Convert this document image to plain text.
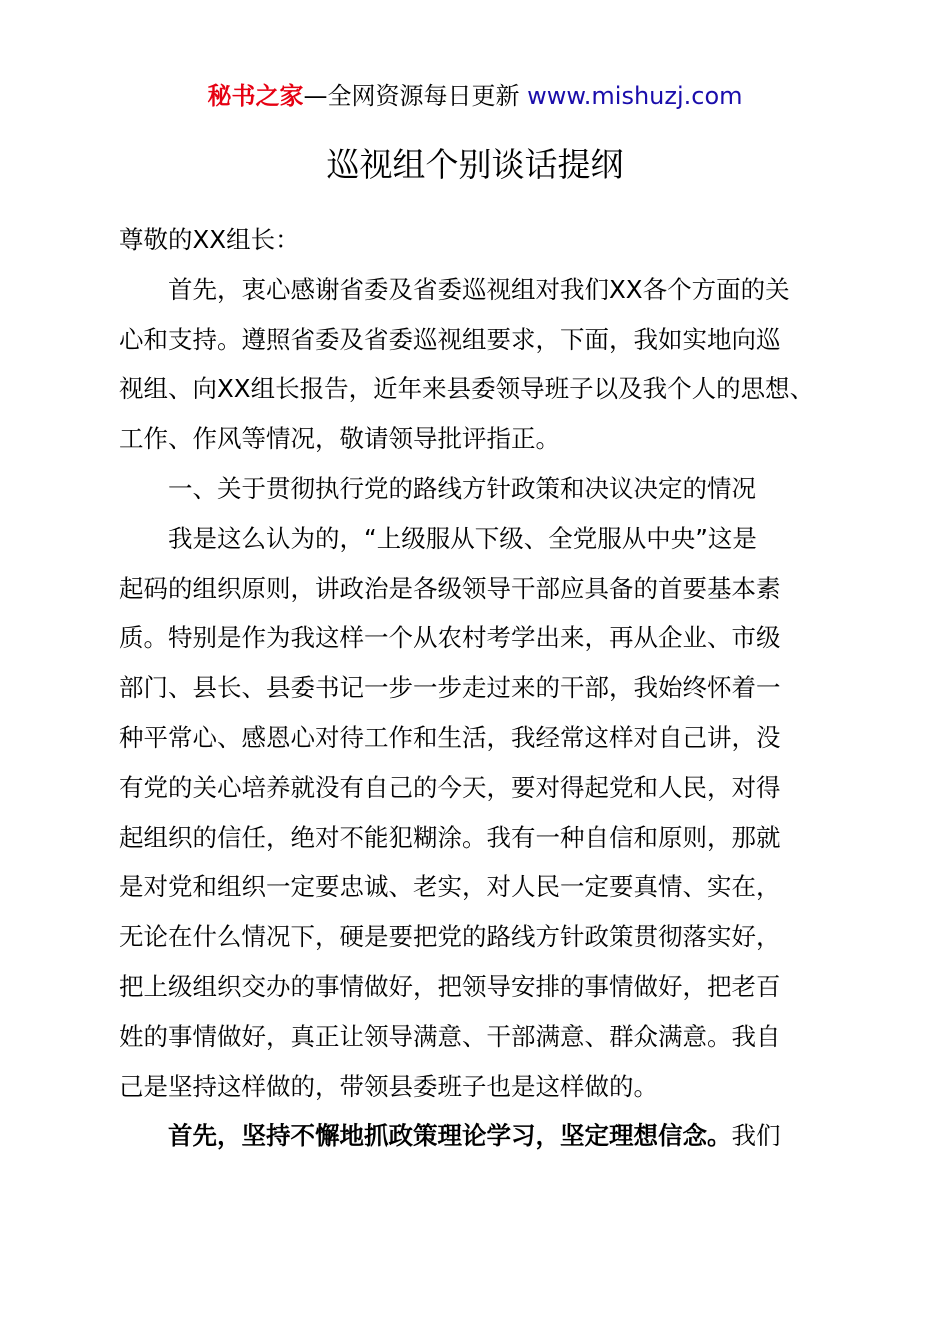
秘书之家—全网资源每日更新 www.mishuzj.com
巡视组个别谈话提纲
尊敬的XX组长：
首先，衷心感谢省委及省委巡视组对我们XX各个方面的关
心和支持。遵照省委及省委巡视组要求，下面，我如实地向巡
视组、向XX组长报告，近年来县委领导班子以及我个人的思想、
工作、作风等情况，敬请领导批评指正。
一、关于贯彻执行党的路线方针政策和决议决定的情况
我是这么认为的，“上级服从下级、全党服从中央”这是
起码的组织原则，讲政治是各级领导干部应具备的首要基本素
质。特别是作为我这样一个从农村考学出来，再从企业、市级
部门、县长、县委书记一步一步走过来的干部，我始终怀着一
种平常心、感恩心对待工作和生活，我经常这样对自己讲，没
有党的关心培养就没有自己的今天，要对得起党和人民，对得
起组织的信任，绝对不能犯糊涂。我有一种自信和原则，那就
是对党和组织一定要忠诚、老实，对人民一定要真情、实在，
无论在什么情况下，硬是要把党的路线方针政策贯彻落实好，
把上级组织交办的事情做好，把领导安排的事情做好，把老百
姓的事情做好，真正让领导满意、干部满意、群众满意。我自
己是坚持这样做的，带领县委班子也是这样做的。
首先，坚持不懈地抓政策理论学习，坚定理想信念。我们
